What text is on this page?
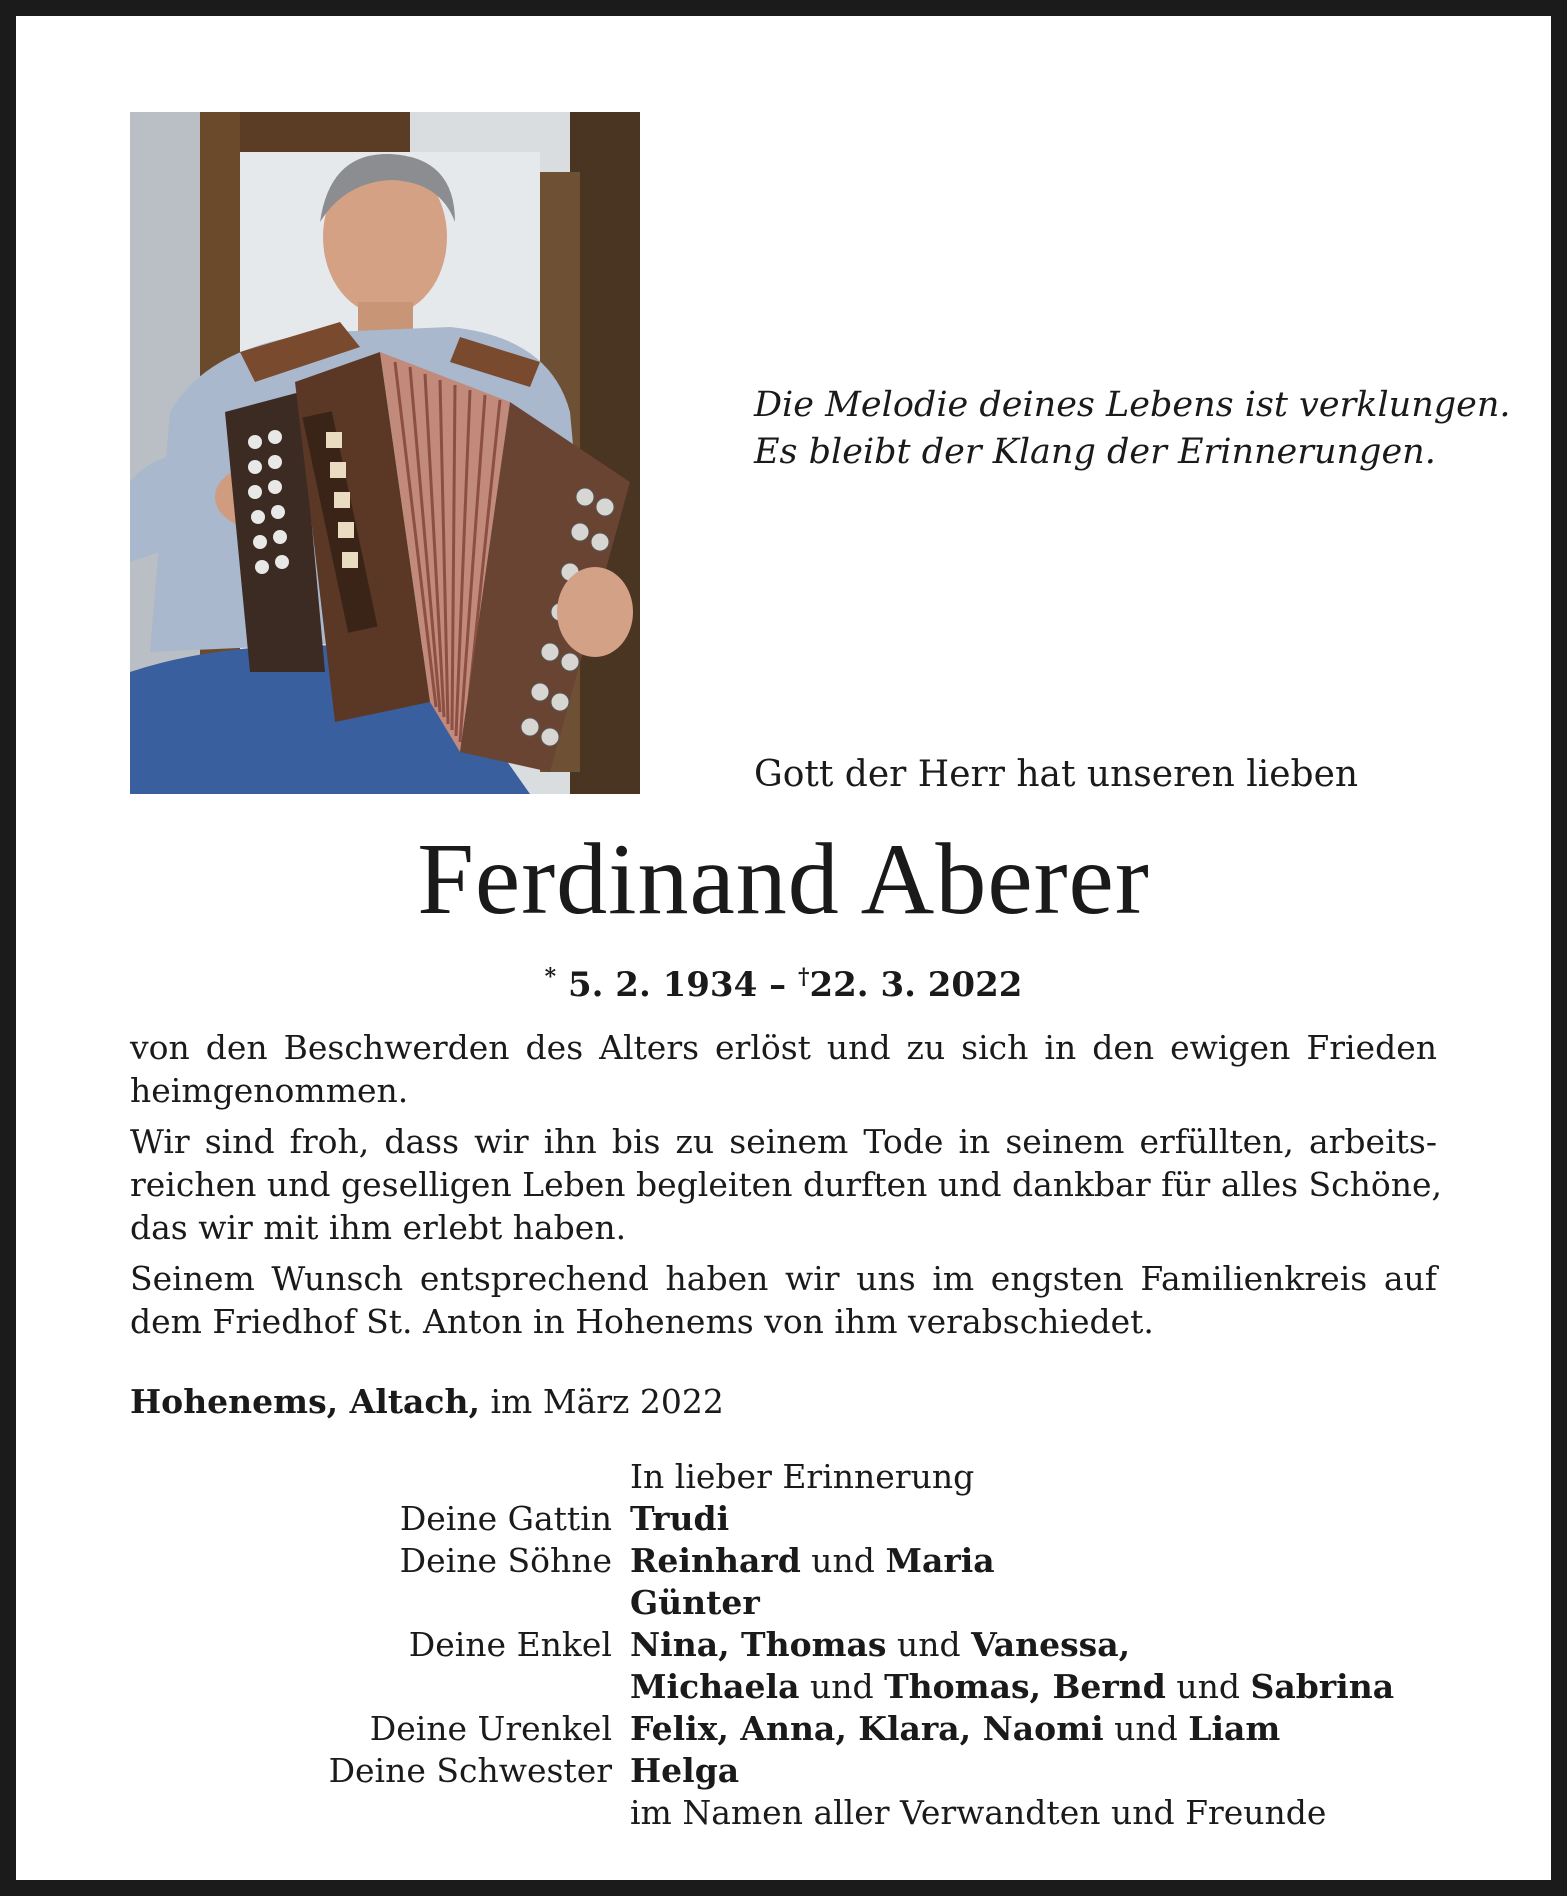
Die Melodie deines Lebens ist verklungen.
Es bleibt der Klang der Erinnerungen.
Gott der Herr hat unseren lieben
Ferdinand Aberer
* 5. 2. 1934 – †22. 3. 2022

von den Beschwerden des Alters erlöst und zu sich in den ewigen Frieden
heimgenommen.

Wir sind froh, dass wir ihn bis zu seinem Tode in seinem erfüllten, arbeits-
reichen und geselligen Leben begleiten durften und dankbar für alles Schöne,
das wir mit ihm erlebt haben.

Seinem Wunsch entsprechend haben wir uns im engsten Familienkreis auf
dem Friedhof St. Anton in Hohenems von ihm verabschiedet.

Hohenems, Altach, im März 2022
In lieber Erinnerung
Deine Gattin Trudi
Deine Söhne Reinhard und Maria
Günter
Deine Enkel Nina, Thomas und Vanessa,
Michaela und Thomas, Bernd und Sabrina
Deine Urenkel Felix, Anna, Klara, Naomi und Liam
Deine Schwester Helga
im Namen aller Verwandten und Freunde
